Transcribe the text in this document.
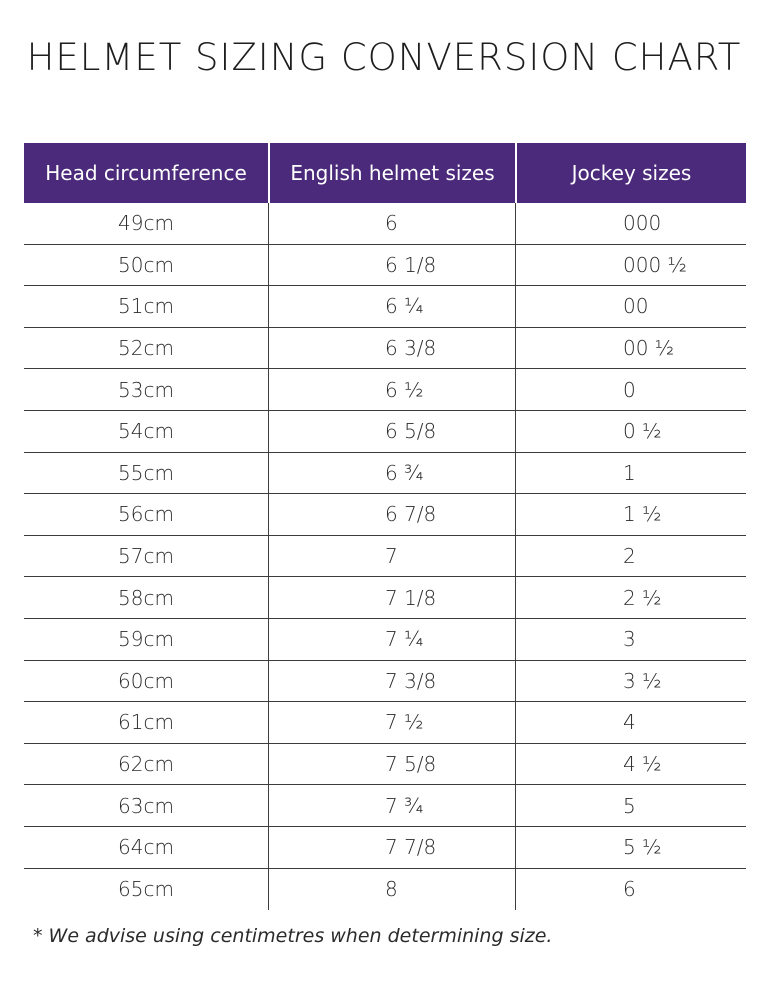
HELMET SIZING CONVERSION CHART
Head circumference	English helmet sizes	Jockey sizes
49cm	6	000
50cm	6 1/8	000 ½
51cm	6 ¼	00
52cm	6 3/8	00 ½
53cm	6 ½	0
54cm	6 5/8	0 ½
55cm	6 ¾	1
56cm	6 7/8	1 ½
57cm	7	2
58cm	7 1/8	2 ½
59cm	7 ¼	3
60cm	7 3/8	3 ½
61cm	7 ½	4
62cm	7 5/8	4 ½
63cm	7 ¾	5
64cm	7 7/8	5 ½
65cm	8	6
* We advise using centimetres when determining size.
